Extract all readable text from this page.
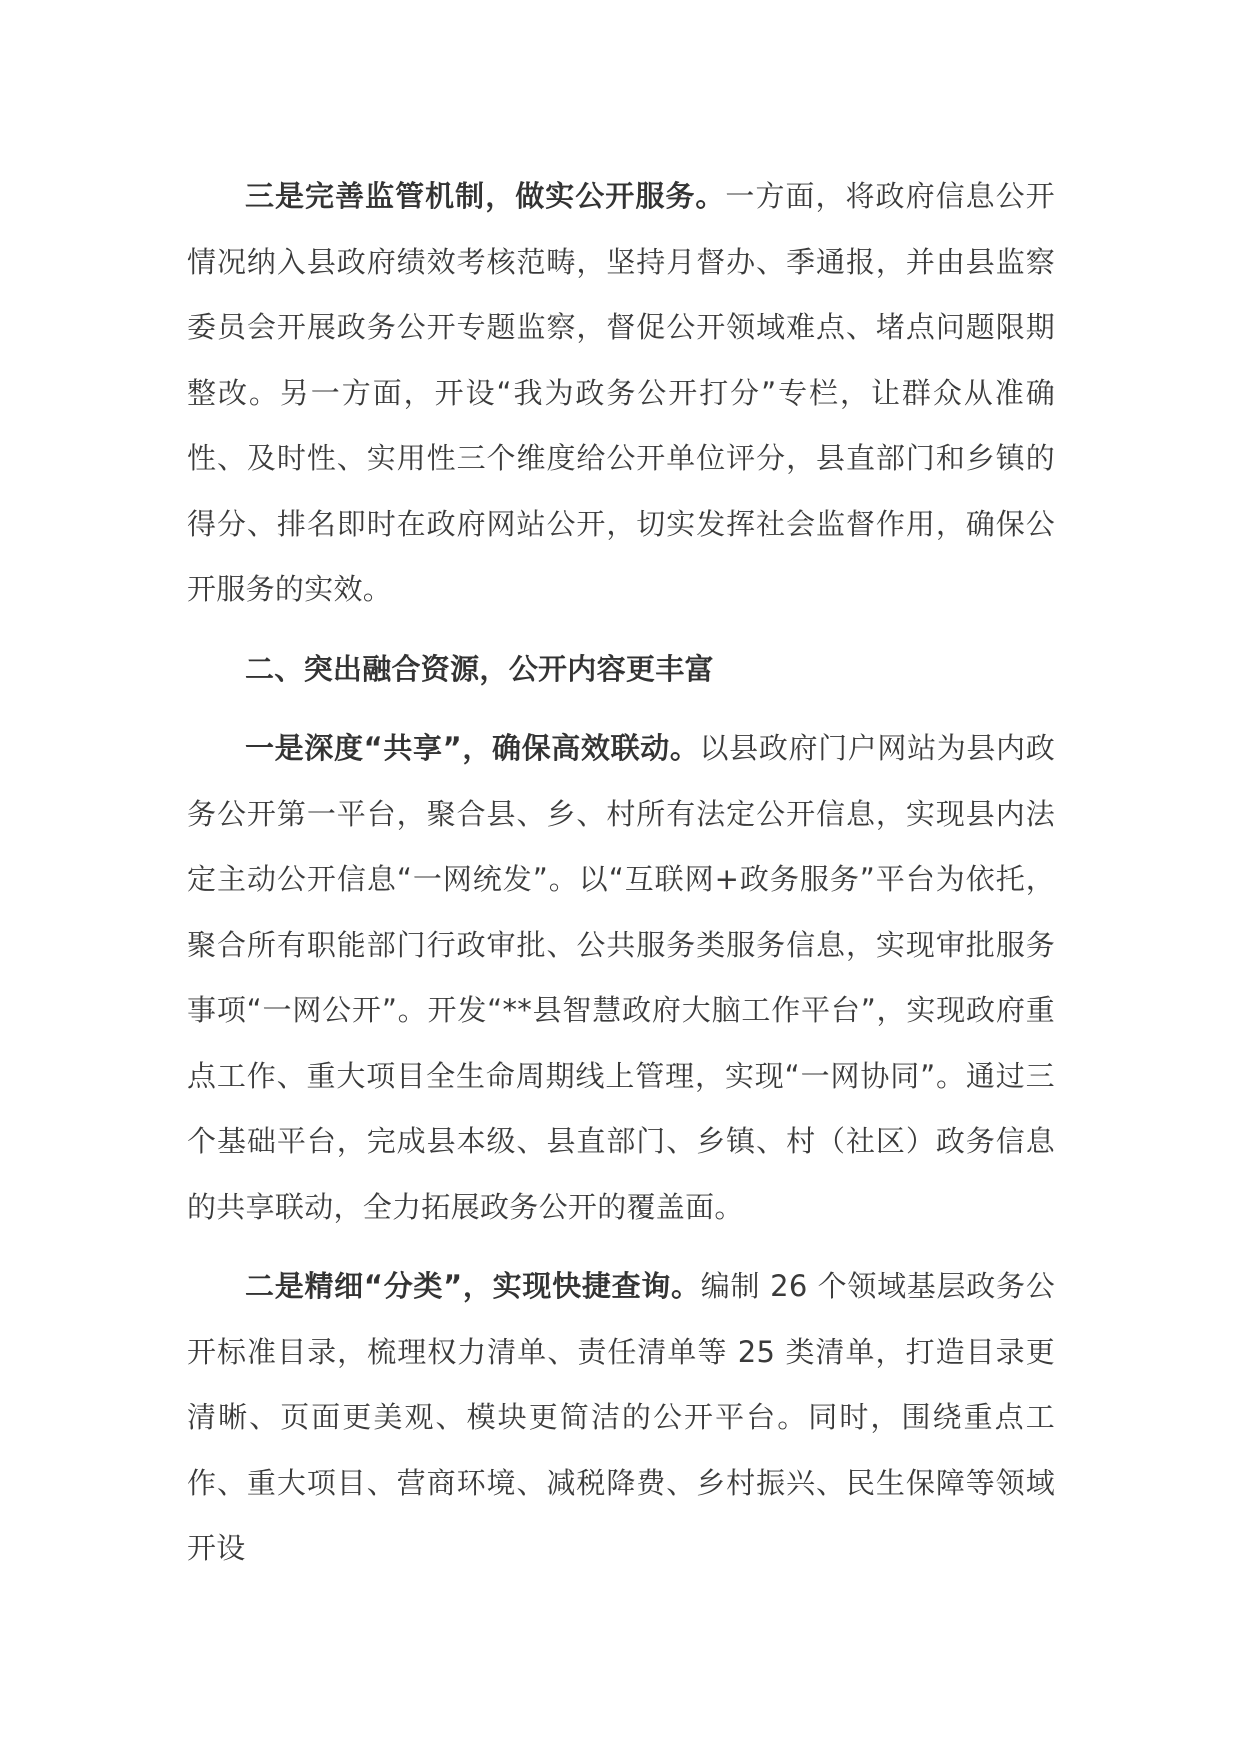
三是完善监管机制，做实公开服务。一方面，将政府信息公开情况纳入县政府绩效考核范畴，坚持月督办、季通报，并由县监察委员会开展政务公开专题监察，督促公开领域难点、堵点问题限期整改。另一方面，开设“我为政务公开打分”专栏，让群众从准确性、及时性、实用性三个维度给公开单位评分，县直部门和乡镇的得分、排名即时在政府网站公开，切实发挥社会监督作用，确保公开服务的实效。

二、突出融合资源，公开内容更丰富

一是深度“共享”，确保高效联动。以县政府门户网站为县内政务公开第一平台，聚合县、乡、村所有法定公开信息，实现县内法定主动公开信息“一网统发”。以“互联网+政务服务”平台为依托，聚合所有职能部门行政审批、公共服务类服务信息，实现审批服务事项“一网公开”。开发“**县智慧政府大脑工作平台”，实现政府重点工作、重大项目全生命周期线上管理，实现“一网协同”。通过三个基础平台，完成县本级、县直部门、乡镇、村（社区）政务信息的共享联动，全力拓展政务公开的覆盖面。

二是精细“分类”，实现快捷查询。编制 26 个领域基层政务公开标准目录，梳理权力清单、责任清单等 25 类清单，打造目录更清晰、页面更美观、模块更简洁的公开平台。同时，围绕重点工作、重大项目、营商环境、减税降费、乡村振兴、民生保障等领域开设
